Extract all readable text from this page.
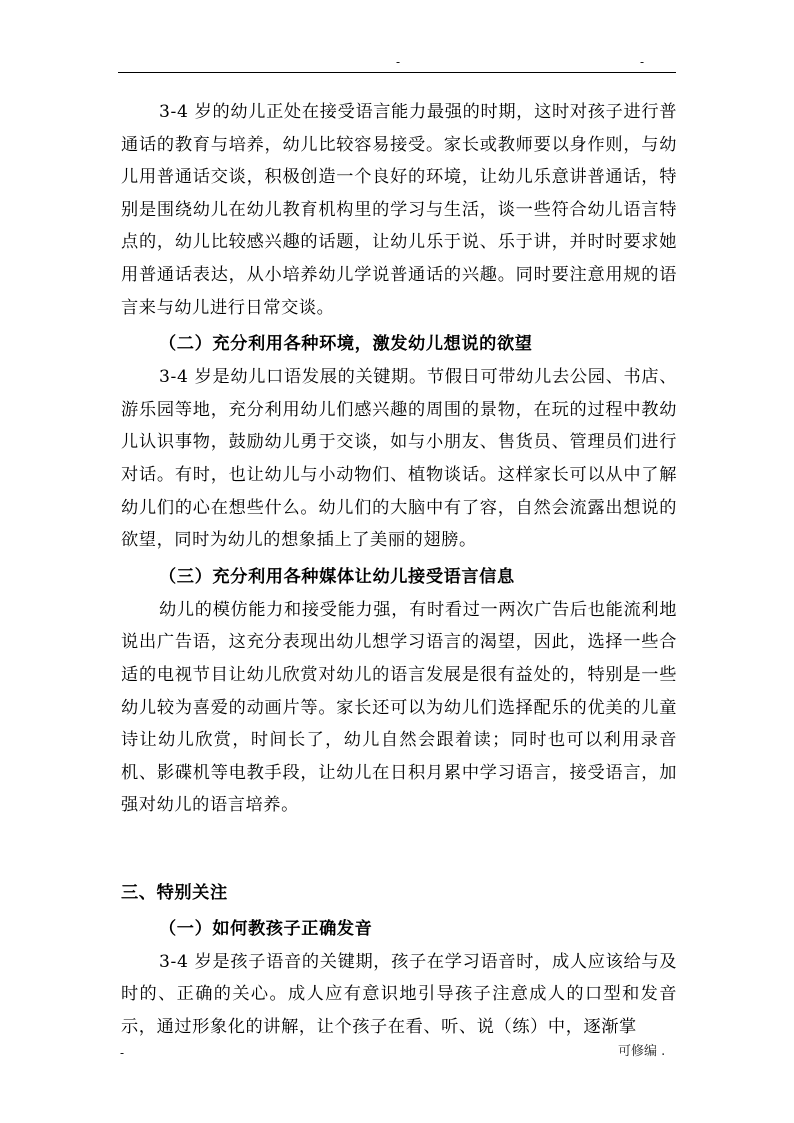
-	-

3-4 岁的幼儿正处在接受语言能力最强的时期，这时对孩子进行普通话的教育与培养，幼儿比较容易接受。家长或教师要以身作则，与幼儿用普通话交谈，积极创造一个良好的环境，让幼儿乐意讲普通话，特别是围绕幼儿在幼儿教育机构里的学习与生活，谈一些符合幼儿语言特点的，幼儿比较感兴趣的话题，让幼儿乐于说、乐于讲，并时时要求她用普通话表达，从小培养幼儿学说普通话的兴趣。同时要注意用规的语言来与幼儿进行日常交谈。

（二）充分利用各种环境，激发幼儿想说的欲望

3-4 岁是幼儿口语发展的关键期。节假日可带幼儿去公园、书店、游乐园等地，充分利用幼儿们感兴趣的周围的景物，在玩的过程中教幼儿认识事物，鼓励幼儿勇于交谈，如与小朋友、售货员、管理员们进行对话。有时，也让幼儿与小动物们、植物谈话。这样家长可以从中了解幼儿们的心在想些什么。幼儿们的大脑中有了容，自然会流露出想说的欲望，同时为幼儿的想象插上了美丽的翅膀。

（三）充分利用各种媒体让幼儿接受语言信息

幼儿的模仿能力和接受能力强，有时看过一两次广告后也能流利地说出广告语，这充分表现出幼儿想学习语言的渴望，因此，选择一些合适的电视节目让幼儿欣赏对幼儿的语言发展是很有益处的，特别是一些幼儿较为喜爱的动画片等。家长还可以为幼儿们选择配乐的优美的儿童诗让幼儿欣赏，时间长了，幼儿自然会跟着读；同时也可以利用录音机、影碟机等电教手段，让幼儿在日积月累中学习语言，接受语言，加强对幼儿的语言培养。

三、特别关注

（一）如何教孩子正确发音

3-4 岁是孩子语音的关键期，孩子在学习语音时，成人应该给与及时的、正确的关心。成人应有意识地引导孩子注意成人的口型和发音示，通过形象化的讲解，让个孩子在看、听、说（练）中，逐渐掌

-	可修编 .
